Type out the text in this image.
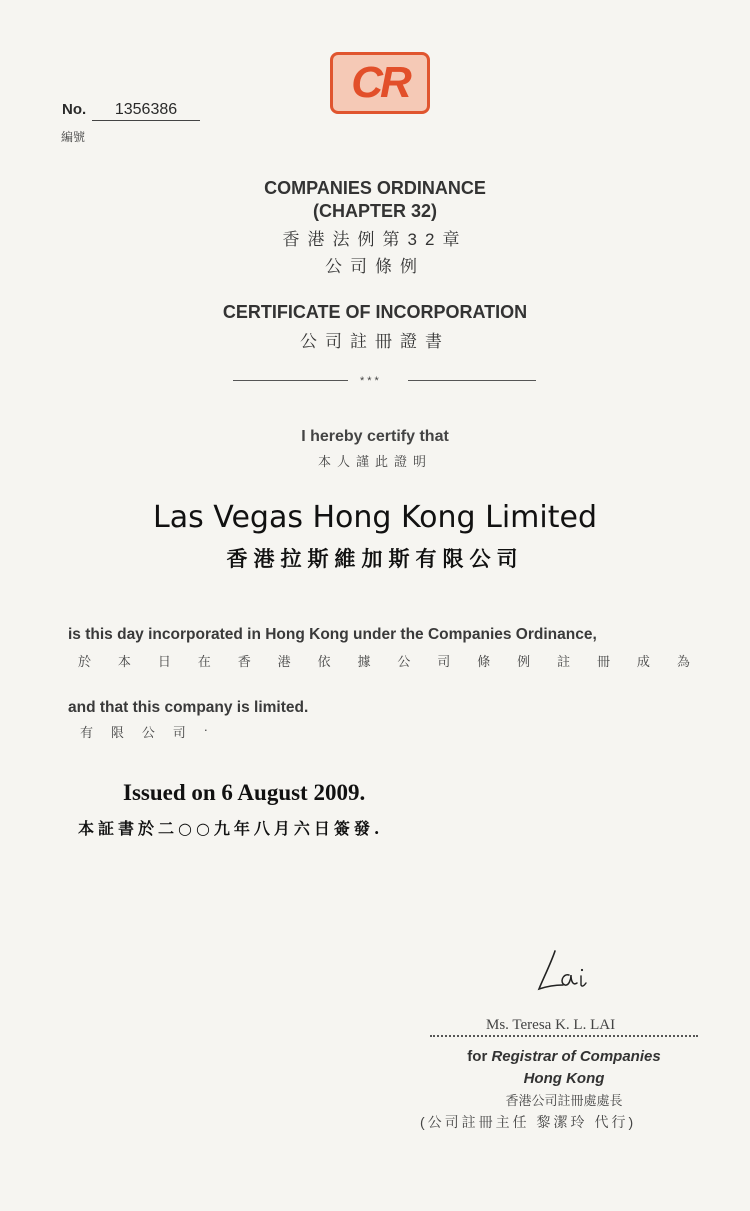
CR
No.	1356386
編號
COMPANIES ORDINANCE
(CHAPTER 32)
香港法例第32章
公司條例
CERTIFICATE OF INCORPORATION
公司註冊證書
***
I hereby certify that
本人謹此證明
Las Vegas Hong Kong Limited
香港拉斯維加斯有限公司
is this day incorporated in Hong Kong under the Companies Ordinance,
於 本 日 在 香 港 依 據 公 司 條 例 註 冊 成 為
and that this company is limited.
有 限 公 司 ·
Issued on 6 August 2009.
本証書於二○○九年八月六日簽發.
Ms. Teresa K. L. LAI
for Registrar of Companies
Hong Kong
香港公司註冊處處長
(公司註冊主任 黎潔玲 代行)
